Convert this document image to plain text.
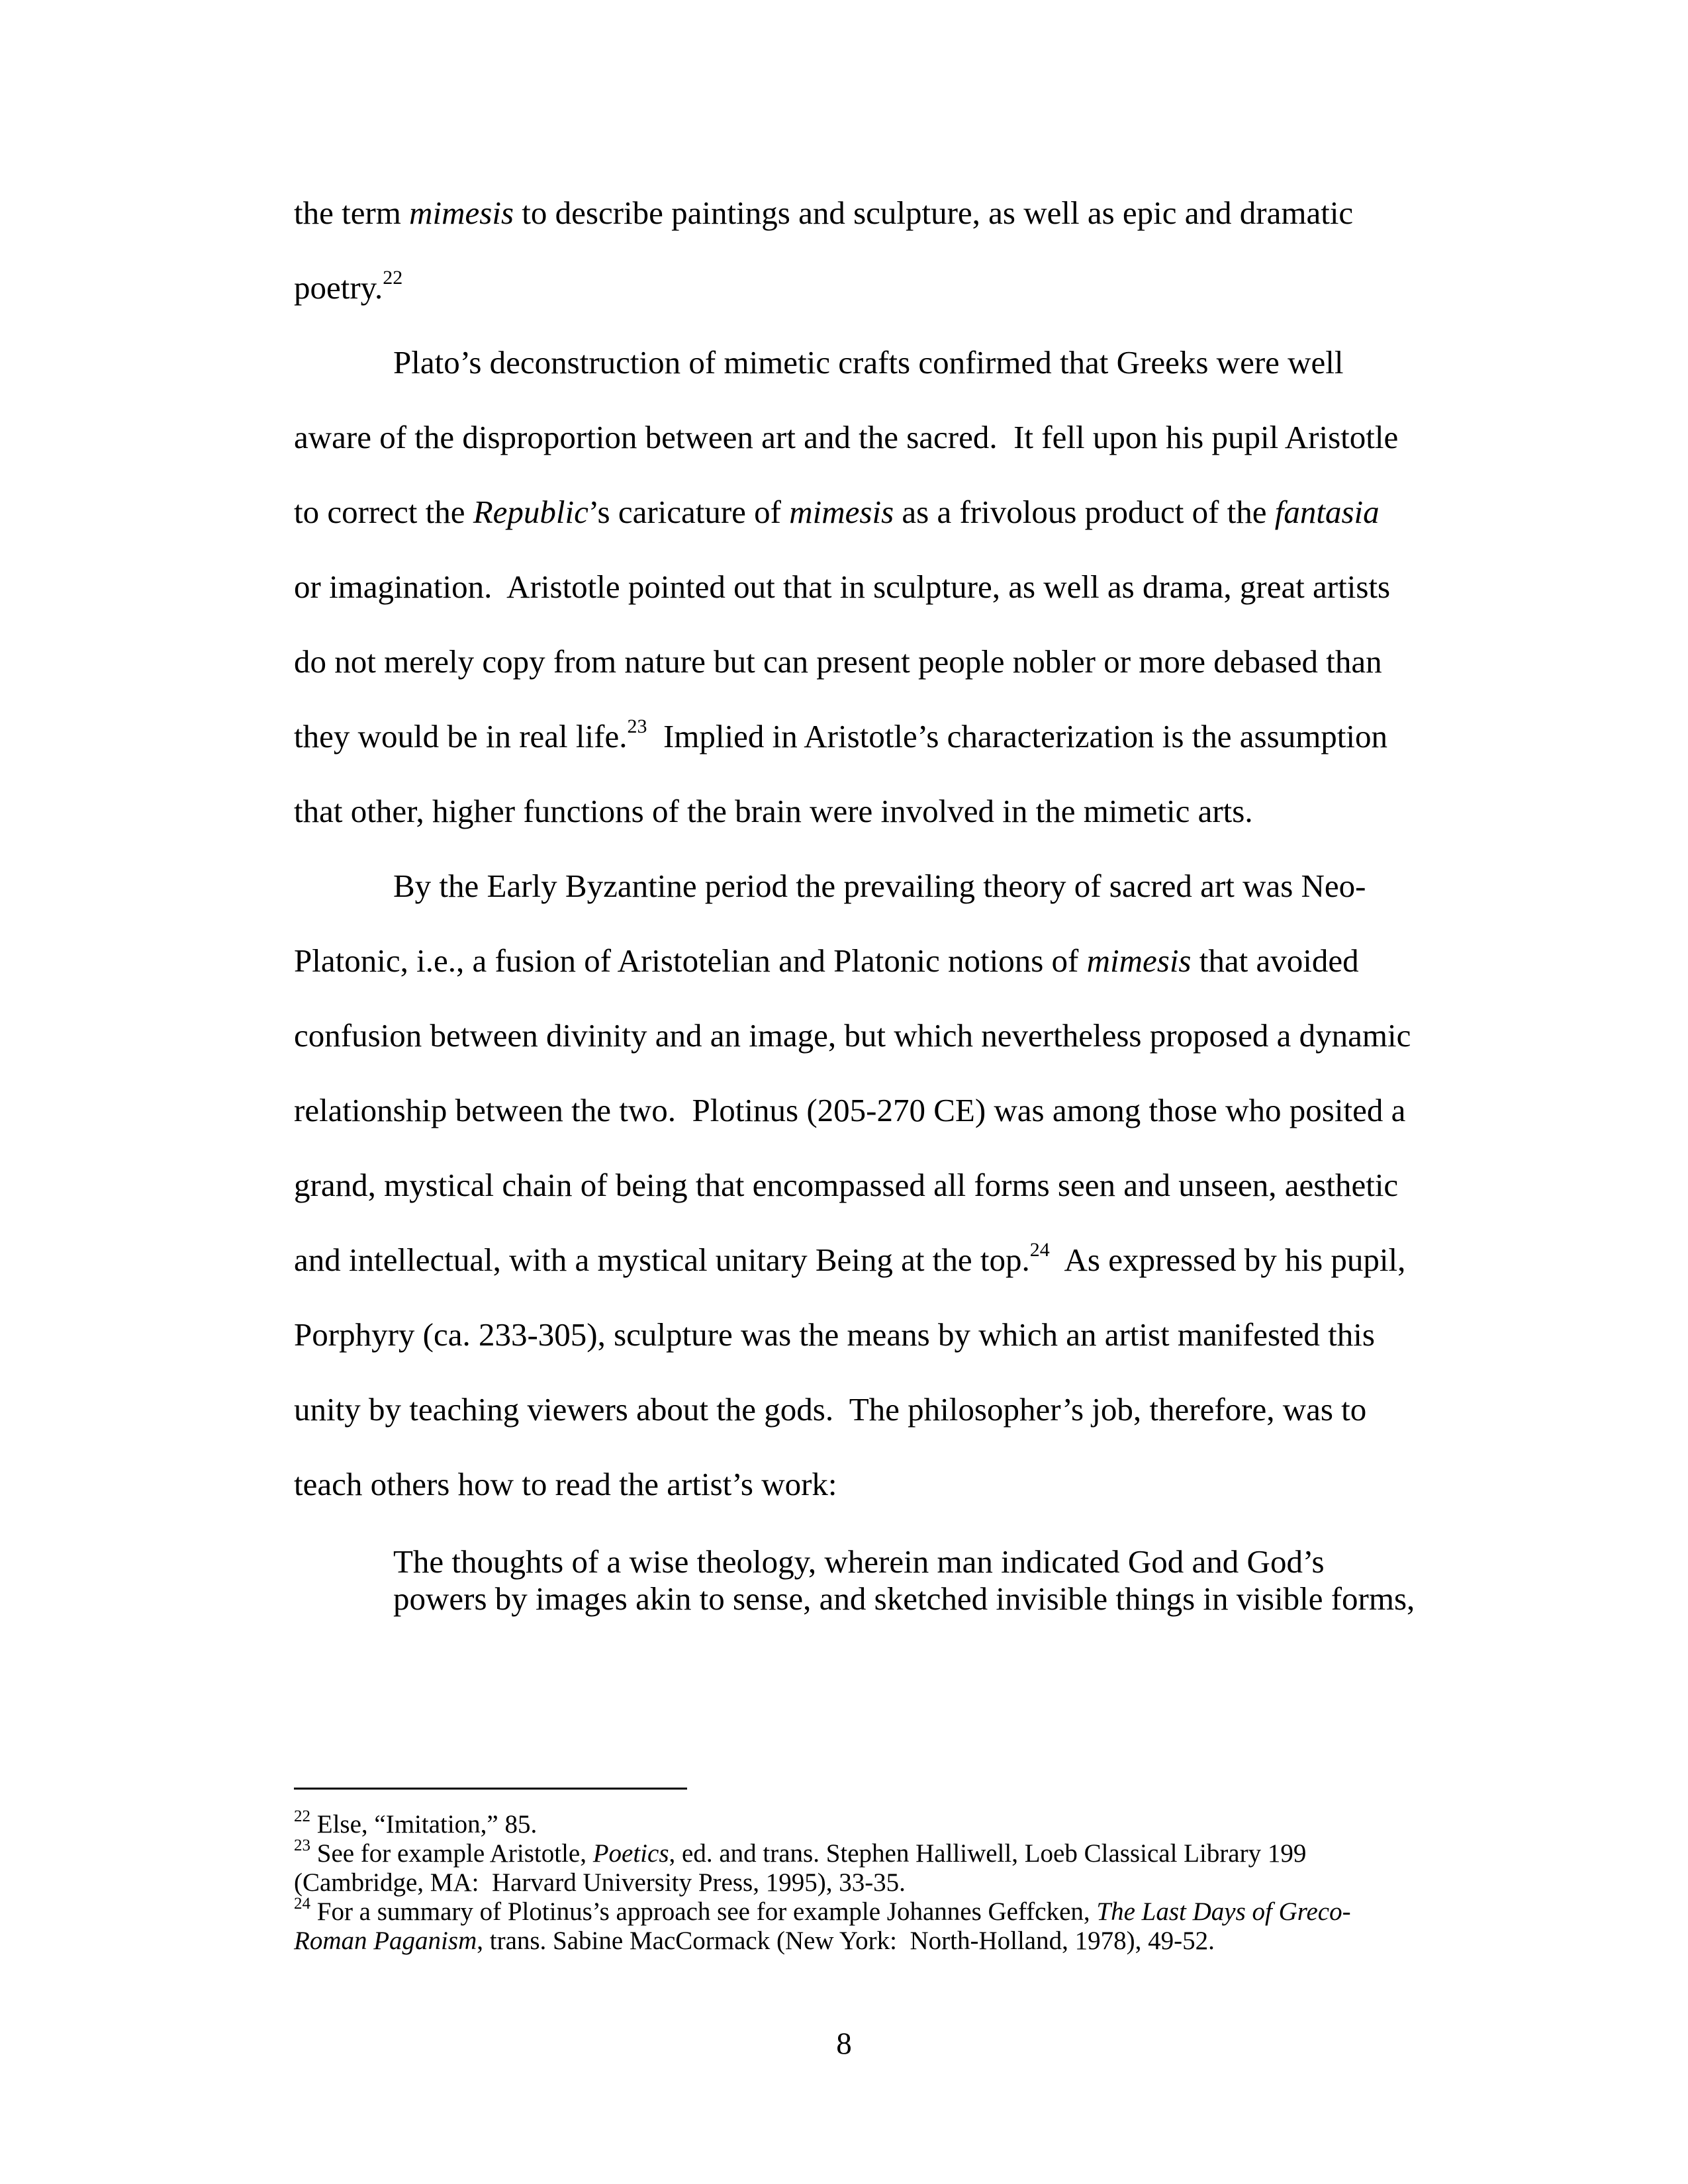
the term mimesis to describe paintings and sculpture, as well as epic and dramatic
poetry.$^{22}$
Plato’s deconstruction of mimetic crafts confirmed that Greeks were well
aware of the disproportion between art and the sacred.  It fell upon his pupil Aristotle
to correct the Republic’s caricature of mimesis as a frivolous product of the fantasia
or imagination.  Aristotle pointed out that in sculpture, as well as drama, great artists
do not merely copy from nature but can present people nobler or more debased than
they would be in real life.$^{23}$  Implied in Aristotle’s characterization is the assumption
that other, higher functions of the brain were involved in the mimetic arts.
By the Early Byzantine period the prevailing theory of sacred art was Neo-
Platonic, i.e., a fusion of Aristotelian and Platonic notions of mimesis that avoided
confusion between divinity and an image, but which nevertheless proposed a dynamic
relationship between the two.  Plotinus (205-270 CE) was among those who posited a
grand, mystical chain of being that encompassed all forms seen and unseen, aesthetic
and intellectual, with a mystical unitary Being at the top.$^{24}$  As expressed by his pupil,
Porphyry (ca. 233-305), sculpture was the means by which an artist manifested this
unity by teaching viewers about the gods.  The philosopher’s job, therefore, was to
teach others how to read the artist’s work:
The thoughts of a wise theology, wherein man indicated God and God’s
powers by images akin to sense, and sketched invisible things in visible forms,
$^{22}$ Else, “Imitation,” 85.
$^{23}$ See for example Aristotle, Poetics, ed. and trans. Stephen Halliwell, Loeb Classical Library 199
(Cambridge, MA:  Harvard University Press, 1995), 33-35.
$^{24}$ For a summary of Plotinus’s approach see for example Johannes Geffcken, The Last Days of Greco-
Roman Paganism, trans. Sabine MacCormack (New York:  North-Holland, 1978), 49-52.
8
